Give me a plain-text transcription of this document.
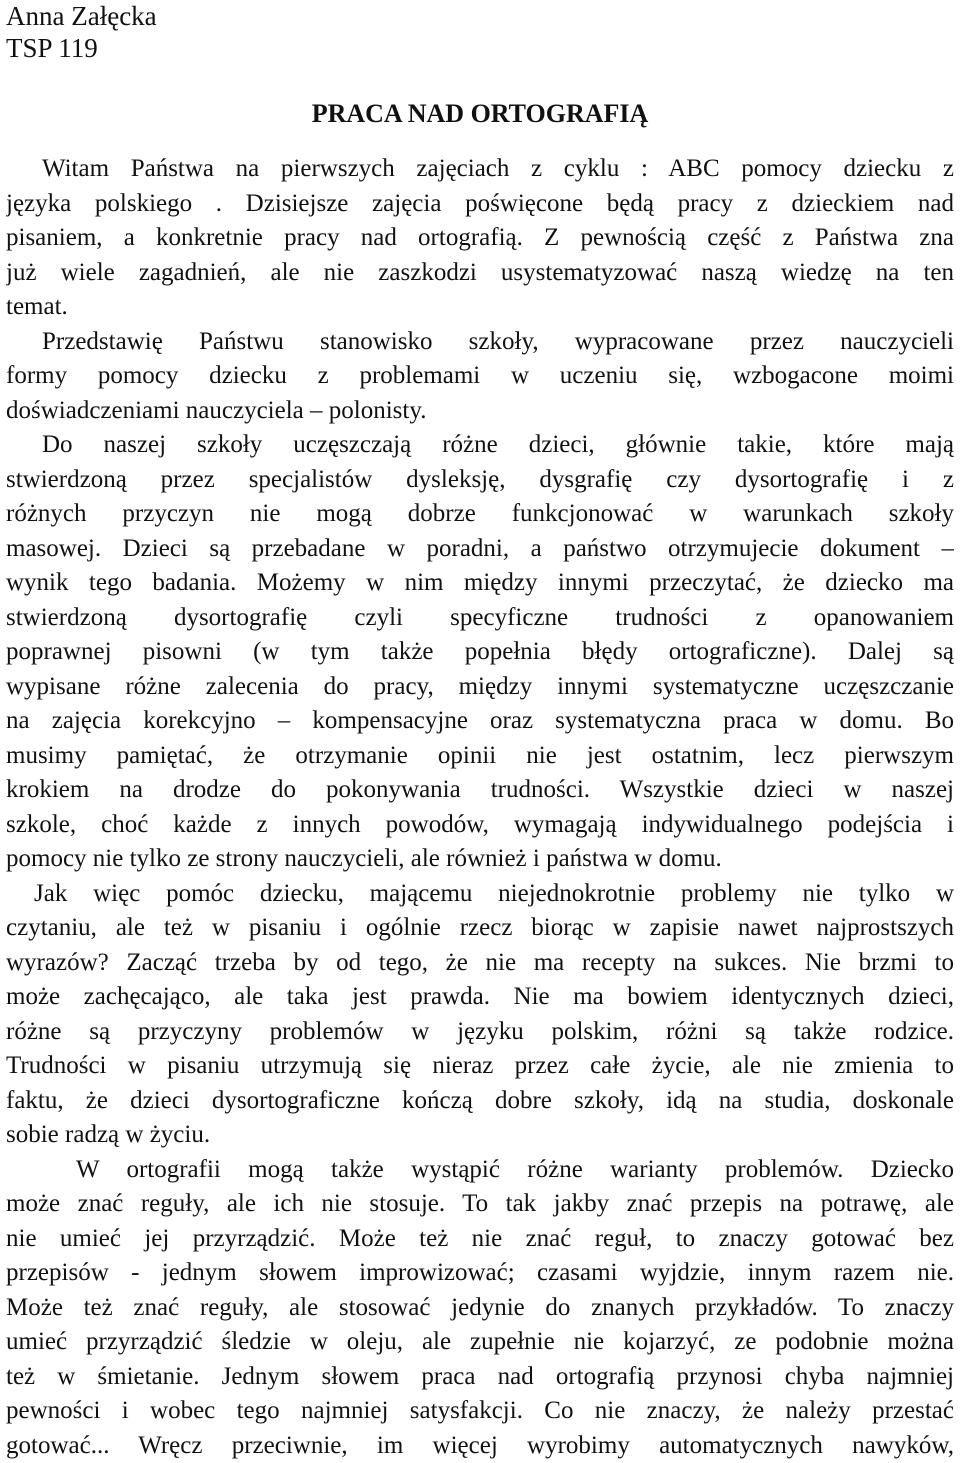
Anna Załęcka
TSP 119
PRACA NAD ORTOGRAFIĄ
Witam Państwa na pierwszych zajęciach z cyklu : ABC pomocy dziecku z
języka polskiego . Dzisiejsze zajęcia poświęcone będą pracy z dzieckiem nad
pisaniem, a konkretnie pracy nad ortografią. Z pewnością część z Państwa zna
już wiele zagadnień, ale nie zaszkodzi usystematyzować naszą wiedzę na ten
temat.
Przedstawię Państwu stanowisko szkoły, wypracowane przez nauczycieli
formy pomocy dziecku z problemami w uczeniu się, wzbogacone moimi
doświadczeniami nauczyciela – polonisty.
Do naszej szkoły uczęszczają różne dzieci, głównie takie, które mają
stwierdzoną przez specjalistów dysleksję, dysgrafię czy dysortografię i z
różnych przyczyn nie mogą dobrze funkcjonować w warunkach szkoły
masowej. Dzieci są przebadane w poradni, a państwo otrzymujecie dokument –
wynik tego badania. Możemy w nim między innymi przeczytać, że dziecko ma
stwierdzoną dysortografię czyli specyficzne trudności z opanowaniem
poprawnej pisowni (w tym także popełnia błędy ortograficzne). Dalej są
wypisane różne zalecenia do pracy, między innymi systematyczne uczęszczanie
na zajęcia korekcyjno – kompensacyjne oraz systematyczna praca w domu. Bo
musimy pamiętać, że otrzymanie opinii nie jest ostatnim, lecz pierwszym
krokiem na drodze do pokonywania trudności. Wszystkie dzieci w naszej
szkole, choć każde z innych powodów, wymagają indywidualnego podejścia i
pomocy nie tylko ze strony nauczycieli, ale również i państwa w domu.
Jak więc pomóc dziecku, mającemu niejednokrotnie problemy nie tylko w
czytaniu, ale też w pisaniu i ogólnie rzecz biorąc w zapisie nawet najprostszych
wyrazów? Zacząć trzeba by od tego, że nie ma recepty na sukces. Nie brzmi to
może zachęcająco, ale taka jest prawda. Nie ma bowiem identycznych dzieci,
różne są przyczyny problemów w języku polskim, różni są także rodzice.
Trudności w pisaniu utrzymują się nieraz przez całe życie, ale nie zmienia to
faktu, że dzieci dysortograficzne kończą dobre szkoły, idą na studia, doskonale
sobie radzą w życiu.
W ortografii mogą także wystąpić różne warianty problemów. Dziecko
może znać reguły, ale ich nie stosuje. To tak jakby znać przepis na potrawę, ale
nie umieć jej przyrządzić. Może też nie znać reguł, to znaczy gotować bez
przepisów - jednym słowem improwizować; czasami wyjdzie, innym razem nie.
Może też znać reguły, ale stosować jedynie do znanych przykładów. To znaczy
umieć przyrządzić śledzie w oleju, ale zupełnie nie kojarzyć, ze podobnie można
też w śmietanie. Jednym słowem praca nad ortografią przynosi chyba najmniej
pewności i wobec tego najmniej satysfakcji. Co nie znaczy, że należy przestać
gotować... Wręcz przeciwnie, im więcej wyrobimy automatycznych nawyków,
